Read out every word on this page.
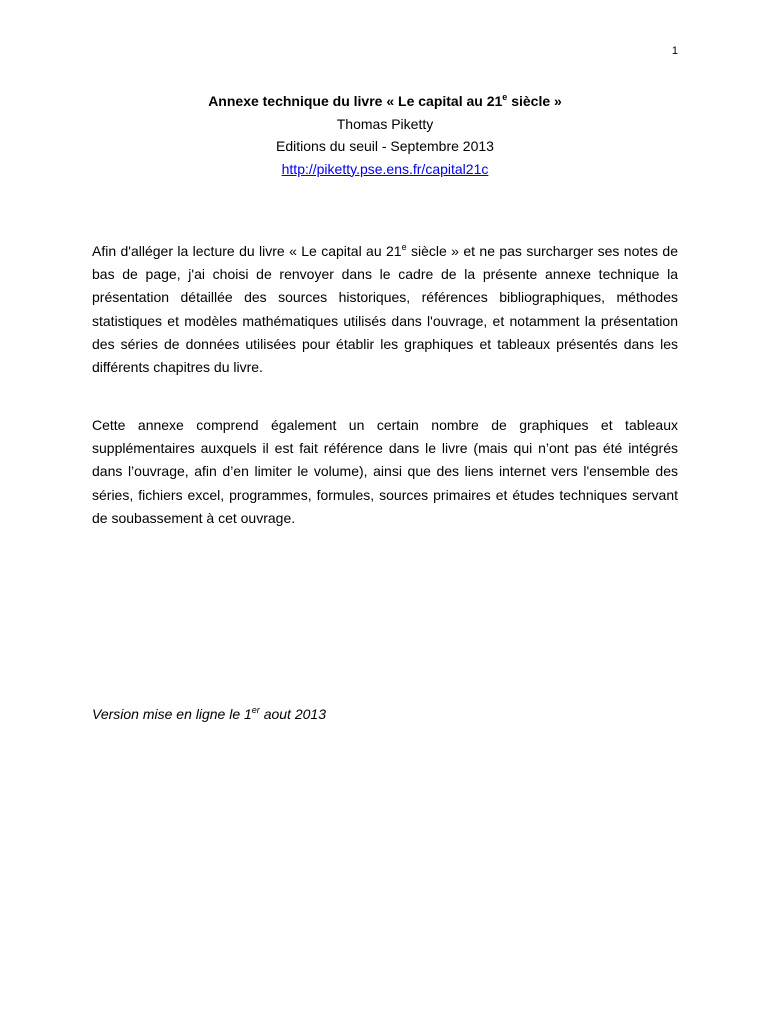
1
Annexe technique du livre « Le capital au 21e siècle »
Thomas Piketty
Editions du seuil - Septembre 2013
http://piketty.pse.ens.fr/capital21c

Afin d'alléger la lecture du livre « Le capital au 21e siècle » et ne pas surcharger ses notes de bas de page, j'ai choisi de renvoyer dans le cadre de la présente annexe technique la présentation détaillée des sources historiques, références bibliographiques, méthodes statistiques et modèles mathématiques utilisés dans l'ouvrage, et notamment la présentation des séries de données utilisées pour établir les graphiques et tableaux présentés dans les différents chapitres du livre.

Cette annexe comprend également un certain nombre de graphiques et tableaux supplémentaires auxquels il est fait référence dans le livre (mais qui n’ont pas été intégrés dans l’ouvrage, afin d’en limiter le volume), ainsi que des liens internet vers l'ensemble des séries, fichiers excel, programmes, formules, sources primaires et études techniques servant de soubassement à cet ouvrage.

Version mise en ligne le 1er aout 2013
